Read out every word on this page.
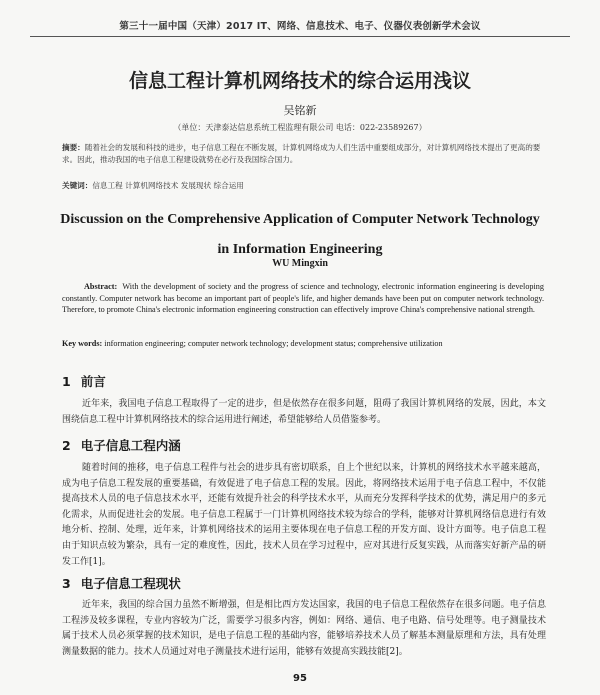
第三十一届中国（天津）2017 IT、网络、信息技术、电子、仪器仪表创新学术会议
信息工程计算机网络技术的综合运用浅议
吴铭新
（单位：天津泰达信息系统工程监理有限公司 电话：022-23589267）
摘要：随着社会的发展和科技的进步，电子信息工程在不断发展，计算机网络成为人们生活中重要组成部分，对计算机网络技术提出了更高的要求。因此，推动我国的电子信息工程建设就势在必行及我国综合国力。
关键词：信息工程 计算机网络技术 发展现状 综合运用
Discussion on the Comprehensive Application of Computer Network Technology
in Information Engineering
WU Mingxin
Abstract: With the development of society and the progress of science and technology, electronic information engineering is developing constantly. Computer network has become an important part of people's life, and higher demands have been put on computer network technology. Therefore, to promote China's electronic information engineering construction can effectively improve China's comprehensive national strength.
Key words: information engineering; computer network technology; development status; comprehensive utilization
1 前言
近年来，我国电子信息工程取得了一定的进步，但是依然存在很多问题，阻碍了我国计算机网络的发展，因此，本文围绕信息工程中计算机网络技术的综合运用进行阐述，希望能够给人员借鉴参考。
2 电子信息工程内涵
随着时间的推移，电子信息工程件与社会的进步具有密切联系，自上个世纪以来，计算机的网络技术水平越来越高，成为电子信息工程发展的重要基础，有效促进了电子信息工程的发展。因此，将网络技术运用于电子信息工程中，不仅能提高技术人员的电子信息技术水平，还能有效提升社会的科学技术水平，从而充分发挥科学技术的优势，满足用户的多元化需求，从而促进社会的发展。电子信息工程属于一门计算机网络技术较为综合的学科，能够对计算机网络信息进行有效地分析、控制、处理，近年来，计算机网络技术的运用主要体现在电子信息工程的开发方面、设计方面等。电子信息工程由于知识点较为繁杂，具有一定的难度性，因此，技术人员在学习过程中，应对其进行反复实践，从而落实好新产品的研发工作[1]。
3 电子信息工程现状
近年来，我国的综合国力虽然不断增强，但是相比西方发达国家，我国的电子信息工程依然存在很多问题。电子信息工程涉及较多课程，专业内容较为广泛，需要学习很多内容，例如：网络、通信、电子电路、信号处理等。电子测量技术属于技术人员必须掌握的技术知识，是电子信息工程的基础内容，能够培养技术人员了解基本测量原理和方法，具有处理测量数据的能力。技术人员通过对电子测量技术进行运用，能够有效提高实践技能[2]。
95
